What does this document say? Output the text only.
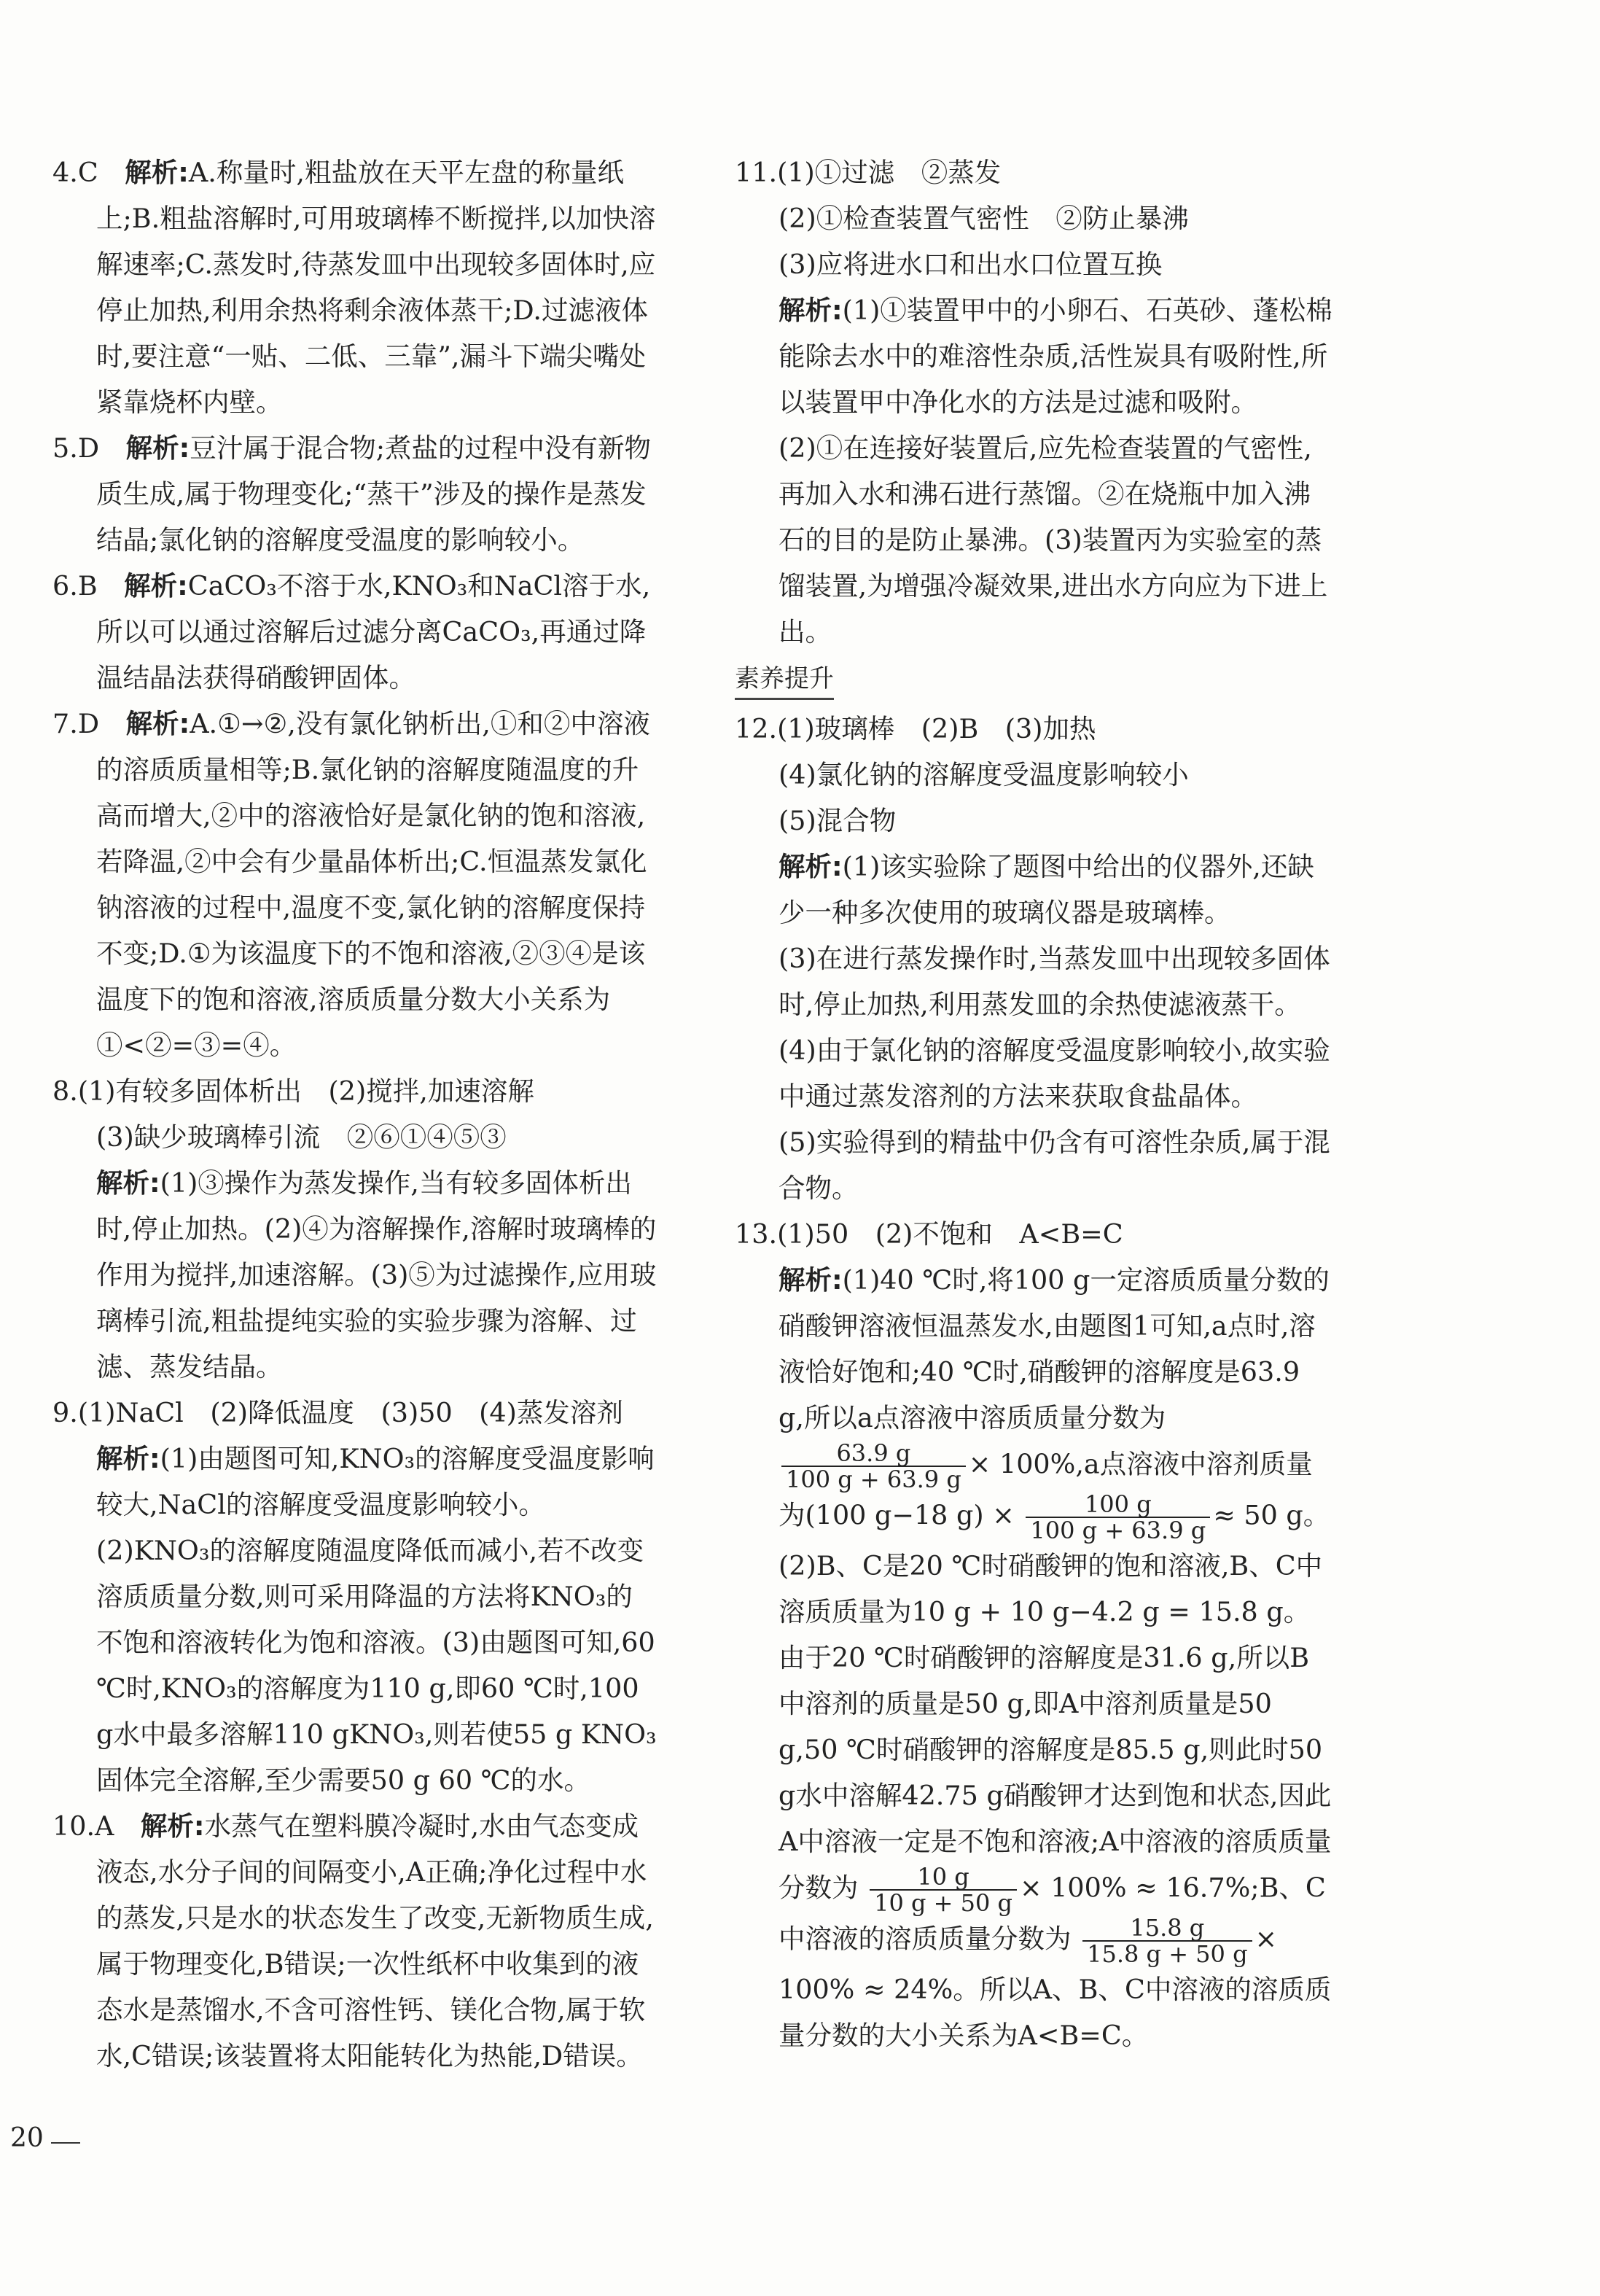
4.C　 解析:A.称量时,粗盐放在天平左盘的称量纸上;B.粗盐溶解时,可用玻璃棒不断搅拌,以加快溶解速率;C.蒸发时,待蒸发皿中出现较多固体时,应停止加热,利用余热将剩余液体蒸干;D.过滤液体时,要注意“一贴、二低、三靠”,漏斗下端尖嘴处紧靠烧杯内壁。

5.D　 解析:豆汁属于混合物;煮盐的过程中没有新物质生成,属于物理变化;“蒸干”涉及的操作是蒸发结晶;氯化钠的溶解度受温度的影响较小。

6.B　 解析:CaCO₃不溶于水,KNO₃和NaCl溶于水,所以可以通过溶解后过滤分离CaCO₃,再通过降温结晶法获得硝酸钾固体。

7.D　 解析:A.①→②,没有氯化钠析出,①和②中溶液的溶质质量相等;B.氯化钠的溶解度随温度的升高而增大,②中的溶液恰好是氯化钠的饱和溶液,若降温,②中会有少量晶体析出;C.恒温蒸发氯化钠溶液的过程中,温度不变,氯化钠的溶解度保持不变;D.①为该温度下的不饱和溶液,②③④是该温度下的饱和溶液,溶质质量分数大小关系为①<②=③=④。

8.(1)有较多固体析出　(2)搅拌,加速溶解

(3)缺少玻璃棒引流　②⑥①④⑤③

解析:(1)③操作为蒸发操作,当有较多固体析出时,停止加热。(2)④为溶解操作,溶解时玻璃棒的作用为搅拌,加速溶解。(3)⑤为过滤操作,应用玻璃棒引流,粗盐提纯实验的实验步骤为溶解、过滤、蒸发结晶。

9.(1)NaCl　(2)降低温度　(3)50　(4)蒸发溶剂

解析:(1)由题图可知,KNO₃的溶解度受温度影响较大,NaCl的溶解度受温度影响较小。(2)KNO₃的溶解度随温度降低而减小,若不改变溶质质量分数,则可采用降温的方法将KNO₃的不饱和溶液转化为饱和溶液。(3)由题图可知,60 ℃时,KNO₃的溶解度为110 g,即60 ℃时,100 g水中最多溶解110 gKNO₃,则若使55 g KNO₃固体完全溶解,至少需要50 g 60 ℃的水。

10.A　 解析:水蒸气在塑料膜冷凝时,水由气态变成液态,水分子间的间隔变小,A正确;净化过程中水的蒸发,只是水的状态发生了改变,无新物质生成,属于物理变化,B错误;一次性纸杯中收集到的液态水是蒸馏水,不含可溶性钙、镁化合物,属于软水,C错误;该装置将太阳能转化为热能,D错误。

11.(1)①过滤　②蒸发

(2)①检查装置气密性　②防止暴沸

(3)应将进水口和出水口位置互换

解析:(1)①装置甲中的小卵石、石英砂、蓬松棉能除去水中的难溶性杂质,活性炭具有吸附性,所以装置甲中净化水的方法是过滤和吸附。

(2)①在连接好装置后,应先检查装置的气密性,再加入水和沸石进行蒸馏。②在烧瓶中加入沸石的目的是防止暴沸。(3)装置丙为实验室的蒸馏装置,为增强冷凝效果,进出水方向应为下进上出。

素养提升

12.(1)玻璃棒　(2)B　(3)加热

(4)氯化钠的溶解度受温度影响较小

(5)混合物

解析:(1)该实验除了题图中给出的仪器外,还缺少一种多次使用的玻璃仪器是玻璃棒。

(3)在进行蒸发操作时,当蒸发皿中出现较多固体时,停止加热,利用蒸发皿的余热使滤液蒸干。

(4)由于氯化钠的溶解度受温度影响较小,故实验中通过蒸发溶剂的方法来获取食盐晶体。

(5)实验得到的精盐中仍含有可溶性杂质,属于混合物。

13.(1)50　(2)不饱和　A<B=C

解析:(1)40 ℃时,将100 g一定溶质质量分数的硝酸钾溶液恒温蒸发水,由题图1可知,a点时,溶液恰好饱和;40 ℃时,硝酸钾的溶解度是63.9 g,所以a点溶液中溶质质量分数为
$\frac{63.9 g}{100 g + 63.9 g} \times 100\%,a$点溶液中溶剂质量为(100 g−18 $g) \times \frac{100 g}{100 g + 63.9 g} \approx 50$ g。(2)B、C是20 ℃时硝酸钾的饱和溶液,B、C中溶质质量为10 g + 10 g−4.2 g = 15.8 g。由于20 ℃时硝酸钾的溶解度是31.6 g,所以B中溶剂的质量是50 g,即A中溶剂质量是50 g,50 ℃时硝酸钾的溶解度是85.5 g,则此时50 g水中溶解42.75 g硝酸钾才达到饱和状态,因此A中溶液一定是不饱和溶液;A中溶液的溶质质量分数为 $\frac{10 g}{10 g + 50 g} \times 100\%$ ≈ 16.7%;B、C中溶液的溶质质量分数为 $\frac{15.8 g}{15.8 g + 50 g} \times 100\% \approx 24\%$。所以A、B、C中溶液的溶质质量分数的大小关系为A<B=C。

20
